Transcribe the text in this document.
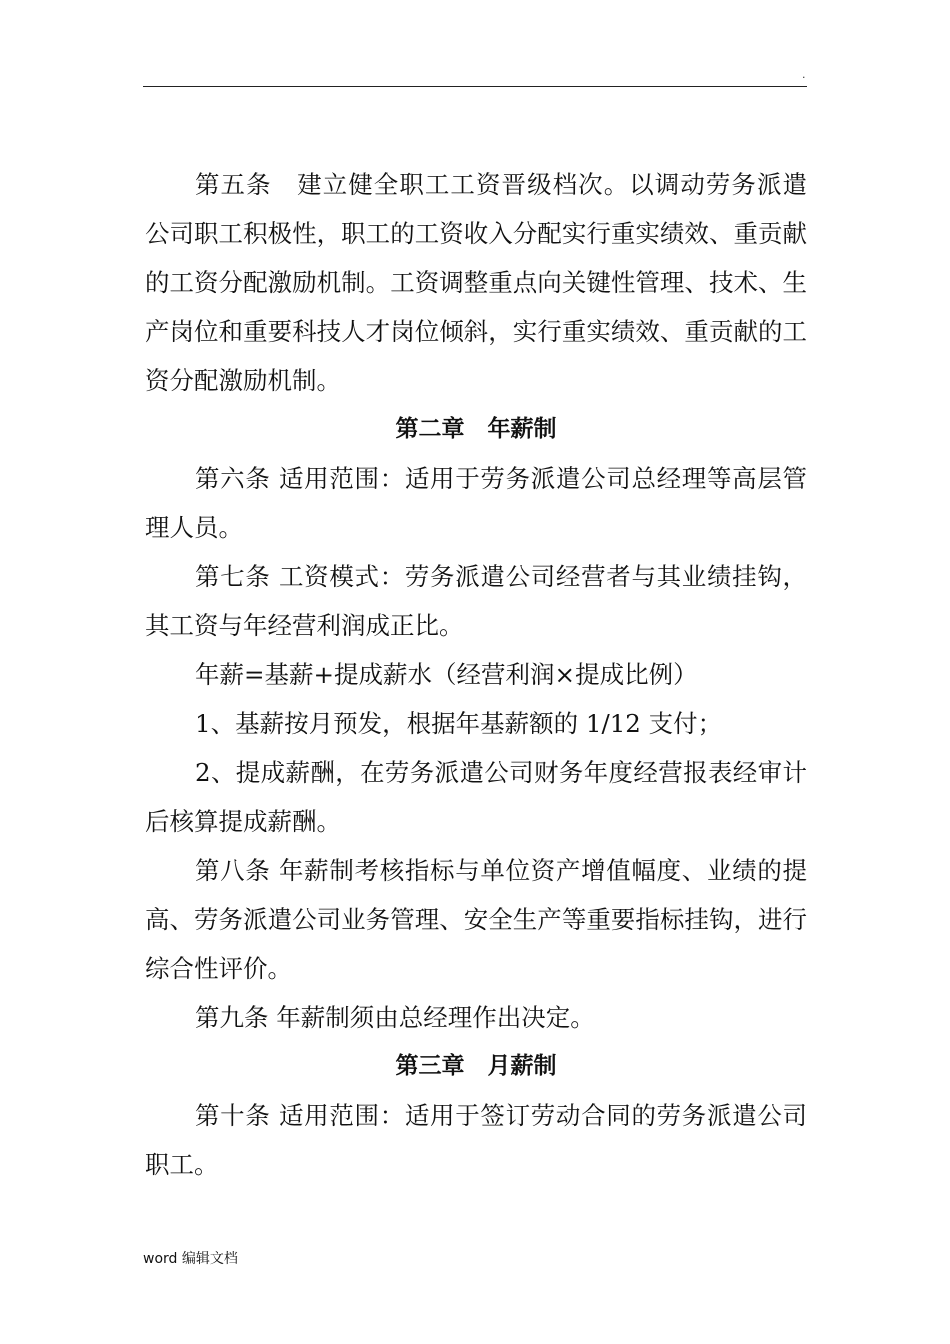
.

第五条　建立健全职工工资晋级档次。以调动劳务派遣公司职工积极性，职工的工资收入分配实行重实绩效、重贡献的工资分配激励机制。工资调整重点向关键性管理、技术、生产岗位和重要科技人才岗位倾斜，实行重实绩效、重贡献的工资分配激励机制。

第二章　年薪制

第六条 适用范围：适用于劳务派遣公司总经理等高层管理人员。

第七条 工资模式：劳务派遣公司经营者与其业绩挂钩，其工资与年经营利润成正比。

年薪=基薪+提成薪水（经营利润×提成比例）

1、基薪按月预发，根据年基薪额的 1/12 支付；

2、提成薪酬，在劳务派遣公司财务年度经营报表经审计后核算提成薪酬。

第八条 年薪制考核指标与单位资产增值幅度、业绩的提高、劳务派遣公司业务管理、安全生产等重要指标挂钩，进行综合性评价。

第九条 年薪制须由总经理作出决定。

第三章　月薪制

第十条 适用范围：适用于签订劳动合同的劳务派遣公司职工。

word 编辑文档
